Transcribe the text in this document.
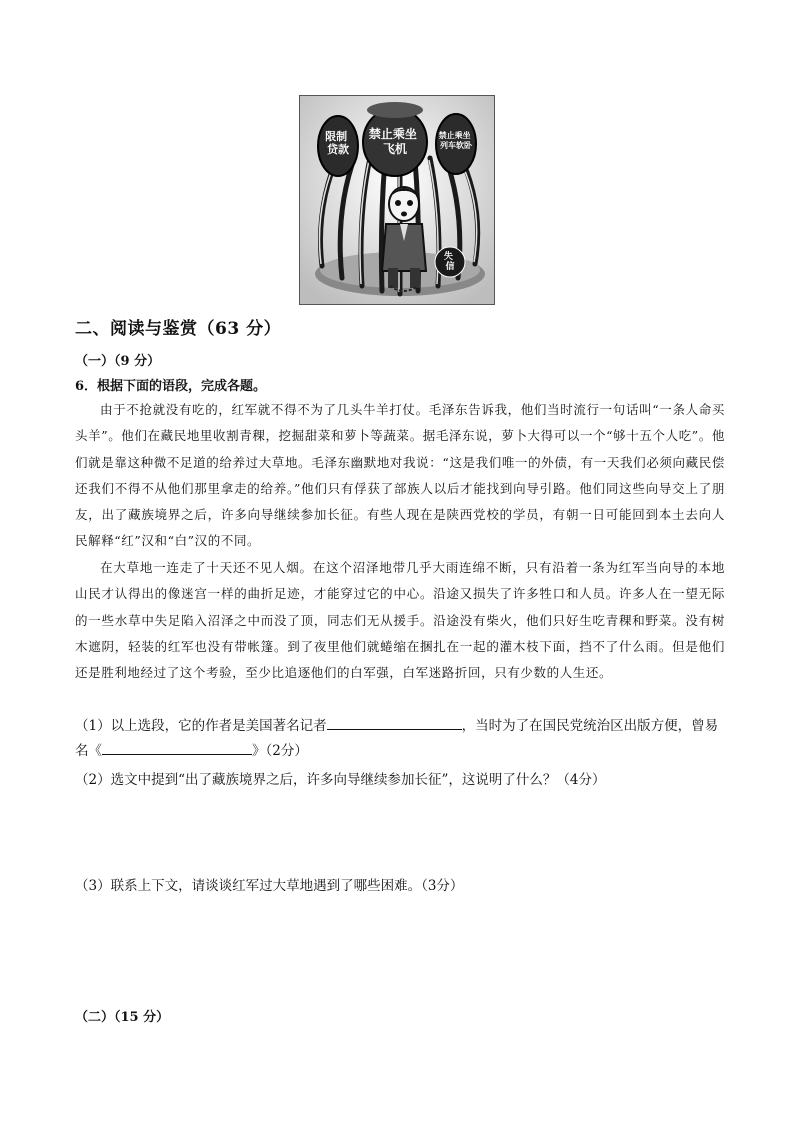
限制 贷款
禁止乘坐 飞机
禁止乘坐 列车软卧
失 信
二、阅读与鉴赏（63 分）
（一）（9 分）
6．根据下面的语段，完成各题。
由于不抢就没有吃的，红军就不得不为了几头牛羊打仗。毛泽东告诉我，他们当时流行一句话叫“一条人命买头羊”。他们在藏民地里收割青稞，挖掘甜菜和萝卜等蔬菜。据毛泽东说，萝卜大得可以一个“够十五个人吃”。他们就是靠这种微不足道的给养过大草地。毛泽东幽默地对我说：“这是我们唯一的外债，有一天我们必须向藏民偿还我们不得不从他们那里拿走的给养。”他们只有俘获了部族人以后才能找到向导引路。他们同这些向导交上了朋友，出了藏族境界之后，许多向导继续参加长征。有些人现在是陕西党校的学员，有朝一日可能回到本土去向人民解释“红”汉和“白”汉的不同。
在大草地一连走了十天还不见人烟。在这个沼泽地带几乎大雨连绵不断，只有沿着一条为红军当向导的本地山民才认得出的像迷宫一样的曲折足迹，才能穿过它的中心。沿途又损失了许多牲口和人员。许多人在一望无际的一些水草中失足陷入沼泽之中而没了顶，同志们无从援手。沿途没有柴火，他们只好生吃青稞和野菜。没有树木遮阴，轻装的红军也没有带帐篷。到了夜里他们就蜷缩在捆扎在一起的灌木枝下面，挡不了什么雨。但是他们还是胜利地经过了这个考验，至少比追逐他们的白军强，白军迷路折回，只有少数的人生还。
（1）以上选段，它的作者是美国著名记者	，当时为了在国民党统治区出版方便，曾易名《	》（2分）
（2）选文中提到“出了藏族境界之后，许多向导继续参加长征”，这说明了什么？（4分）
（3）联系上下文，请谈谈红军过大草地遇到了哪些困难。（3分）
（二）（15 分）
